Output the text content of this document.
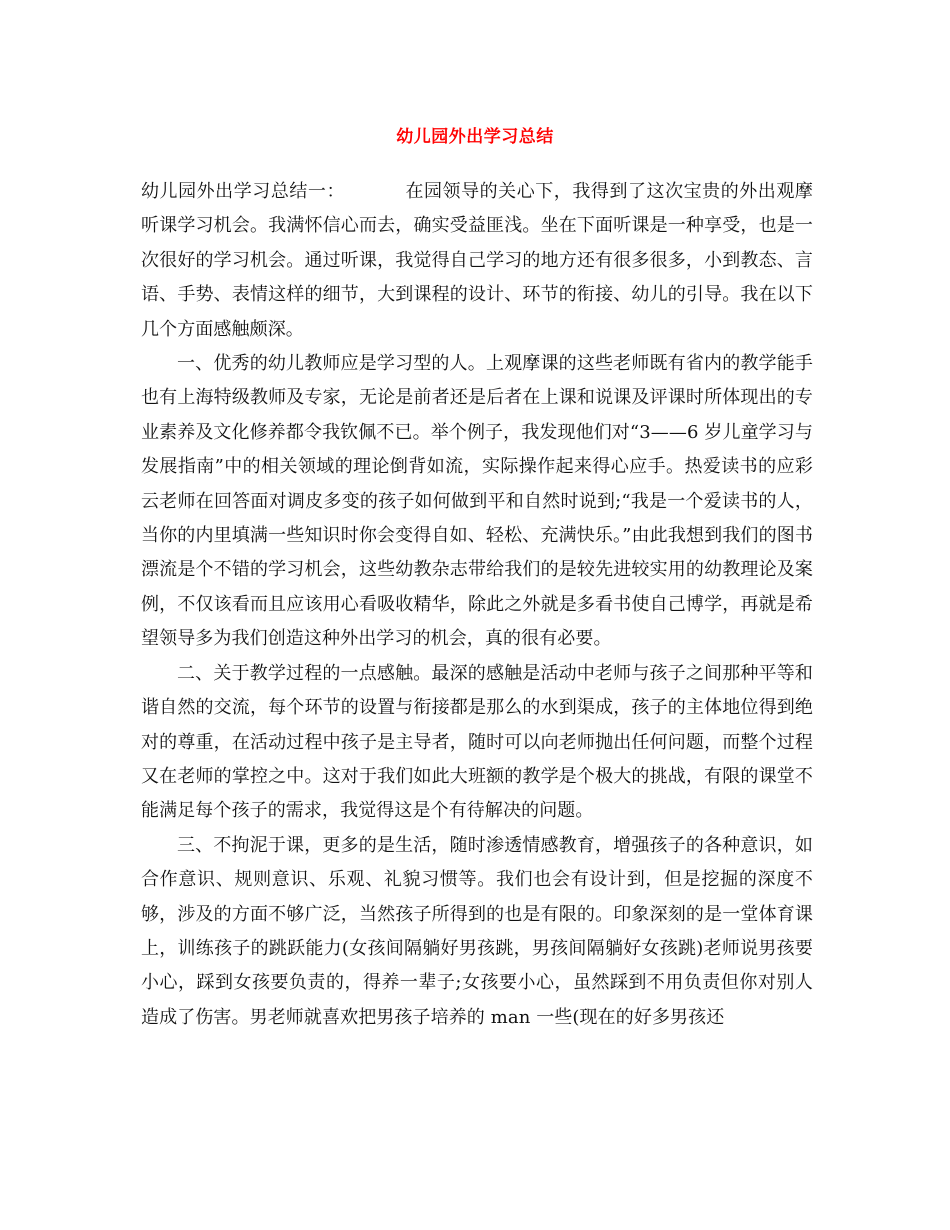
幼儿园外出学习总结

幼儿园外出学习总结一：	在园领导的关心下，我得到了这次宝贵的外出观摩听课学习机会。我满怀信心而去，确实受益匪浅。坐在下面听课是一种享受，也是一次很好的学习机会。通过听课，我觉得自己学习的地方还有很多很多，小到教态、言语、手势、表情这样的细节，大到课程的设计、环节的衔接、幼儿的引导。我在以下几个方面感触颇深。

一、优秀的幼儿教师应是学习型的人。上观摩课的这些老师既有省内的教学能手也有上海特级教师及专家，无论是前者还是后者在上课和说课及评课时所体现出的专业素养及文化修养都令我钦佩不已。举个例子，我发现他们对“3——6 岁儿童学习与发展指南”中的相关领域的理论倒背如流，实际操作起来得心应手。热爱读书的应彩云老师在回答面对调皮多变的孩子如何做到平和自然时说到;“我是一个爱读书的人，当你的内里填满一些知识时你会变得自如、轻松、充满快乐。”由此我想到我们的图书漂流是个不错的学习机会，这些幼教杂志带给我们的是较先进较实用的幼教理论及案例，不仅该看而且应该用心看吸收精华，除此之外就是多看书使自己博学，再就是希望领导多为我们创造这种外出学习的机会，真的很有必要。

二、关于教学过程的一点感触。最深的感触是活动中老师与孩子之间那种平等和谐自然的交流，每个环节的设置与衔接都是那么的水到渠成，孩子的主体地位得到绝对的尊重，在活动过程中孩子是主导者，随时可以向老师抛出任何问题，而整个过程又在老师的掌控之中。这对于我们如此大班额的教学是个极大的挑战，有限的课堂不能满足每个孩子的需求，我觉得这是个有待解决的问题。

三、不拘泥于课，更多的是生活，随时渗透情感教育，增强孩子的各种意识，如合作意识、规则意识、乐观、礼貌习惯等。我们也会有设计到，但是挖掘的深度不够，涉及的方面不够广泛，当然孩子所得到的也是有限的。印象深刻的是一堂体育课上，训练孩子的跳跃能力(女孩间隔躺好男孩跳，男孩间隔躺好女孩跳)老师说男孩要小心，踩到女孩要负责的，得养一辈子;女孩要小心，虽然踩到不用负责但你对别人造成了伤害。男老师就喜欢把男孩子培养的 man 一些(现在的好多男孩还
